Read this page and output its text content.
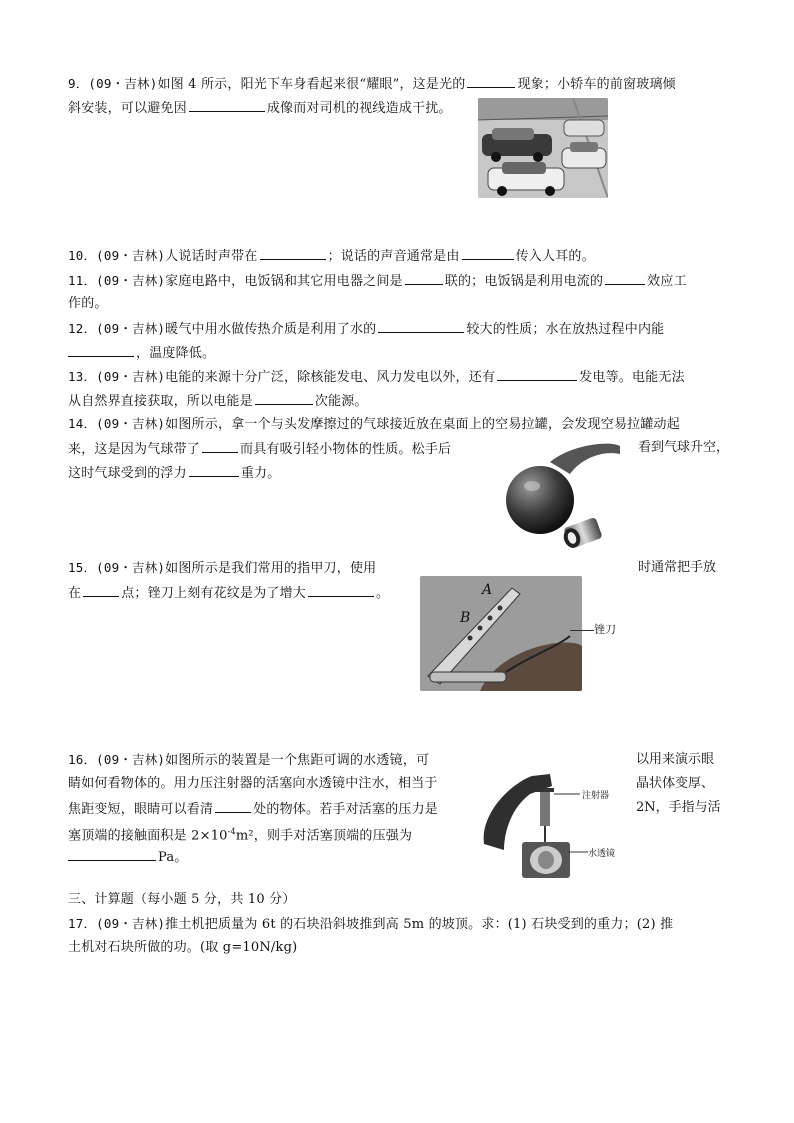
9．(09・吉林)如图 4 所示，阳光下车身看起来很“耀眼”，这是光的	现象；小轿车的前窗玻璃倾
斜安装，可以避免因	成像而对司机的视线造成干扰。
10．(09・吉林)人说话时声带在	；说话的声音通常是由	传入人耳的。
11．(09・吉林)家庭电路中，电饭锅和其它用电器之间是	联的；电饭锅是利用电流的	效应工
作的。
12．(09・吉林)暖气中用水做传热介质是利用了水的	较大的性质；水在放热过程中内能
，温度降低。
13．(09・吉林)电能的来源十分广泛，除核能发电、风力发电以外，还有	发电等。电能无法
从自然界直接获取，所以电能是	次能源。
14．(09・吉林)如图所示，拿一个与头发摩擦过的气球接近放在桌面上的空易拉罐，会发现空易拉罐动起
来，这是因为气球带了	而具有吸引轻小物体的性质。松手后	看到气球升空，
这时气球受到的浮力	重力。
15．(09・吉林)如图所示是我们常用的指甲刀，使用	时通常把手放
在	点；锉刀上刻有花纹是为了增大	。	A
B
锉刀
16．(09・吉林)如图所示的装置是一个焦距可调的水透镜，可	以用来演示眼
睛如何看物体的。用力压注射器的活塞向水透镜中注水，相当于	晶状体变厚、
焦距变短，眼睛可以看清	处的物体。若手对活塞的压力是	2N，手指与活
塞顶端的接触面积是 $2\times 10^{-4}m^2$，则手对活塞顶端的压强为
Pa。
注射器
水透镜
三、计算题（每小题 5 分，共 10 分）
17．(09・吉林)推土机把质量为 6t 的石块沿斜坡推到高 5m 的坡顶。求：(1) 石块受到的重力；(2) 推
土机对石块所做的功。(取 g=10N/kg)
